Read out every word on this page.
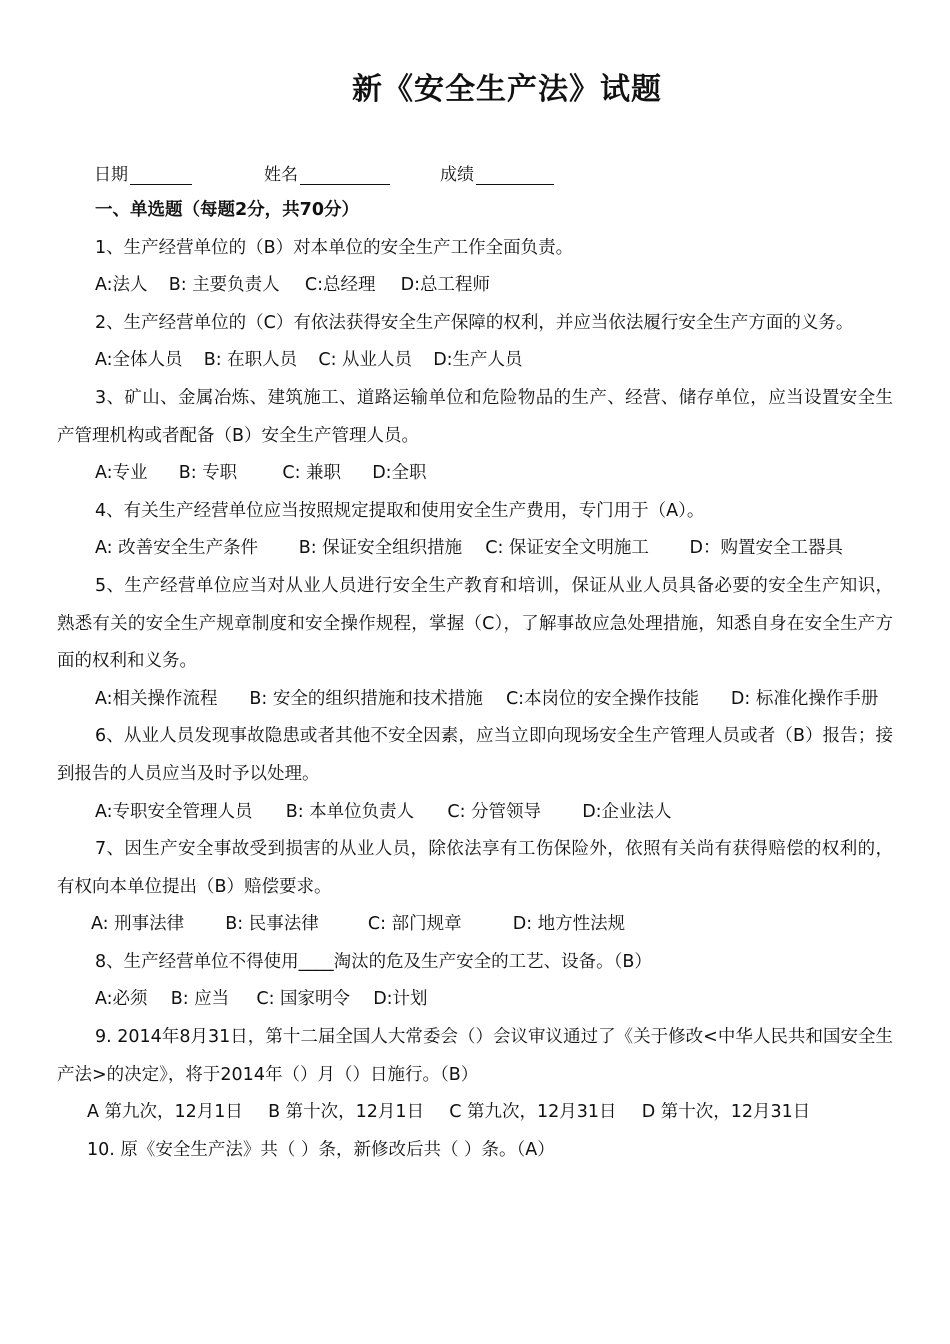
新《安全生产法》试题
日期	姓名	成绩

一、单选题（每题2分，共70分）

1、生产经营单位的（B）对本单位的安全生产工作全面负责。

A:法人 B: 主要负责人 C:总经理 D:总工程师

2、生产经营单位的（C）有依法获得安全生产保障的权利，并应当依法履行安全生产方面的义务。

A:全体人员 B: 在职人员 C: 从业人员 D:生产人员

3、矿山、金属冶炼、建筑施工、道路运输单位和危险物品的生产、经营、储存单位，应当设置安全生产管理机构或者配备（B）安全生产管理人员。

A:专业 B: 专职	C: 兼职 D:全职

4、有关生产经营单位应当按照规定提取和使用安全生产费用，专门用于（A）。

A: 改善安全生产条件   B: 保证安全组织措施  C: 保证安全文明施工   D：购置安全工器具

5、生产经营单位应当对从业人员进行安全生产教育和培训，保证从业人员具备必要的安全生产知识，熟悉有关的安全生产规章制度和安全操作规程，掌握（C），了解事故应急处理措施，知悉自身在安全生产方面的权利和义务。

A:相关操作流程   B: 安全的组织措施和技术措施  C:本岗位的安全操作技能   D: 标准化操作手册

6、从业人员发现事故隐患或者其他不安全因素，应当立即向现场安全生产管理人员或者（B）报告；接到报告的人员应当及时予以处理。

A:专职安全管理人员 B: 本单位负责人 C: 分管领导 D:企业法人

7、因生产安全事故受到损害的从业人员，除依法享有工伤保险外，依照有关尚有获得赔偿的权利的，有权向本单位提出（B）赔偿要求。

A: 刑事法律 B: 民事法律	C: 部门规章	D: 地方性法规

8、生产经营单位不得使用____淘汰的危及生产安全的工艺、设备。（B）

A:必须 B: 应当 C: 国家明令 D:计划

9. 2014年8月31日，第十二届全国人大常委会（）会议审议通过了《关于修改<中华人民共和国安全生产法>的决定》，将于2014年（）月（）日施行。（B）

A 第九次，12月1日 B 第十次，12月1日 C 第九次，12月31日 D 第十次，12月31日

10. 原《安全生产法》共（ ）条，新修改后共（ ）条。（A）
